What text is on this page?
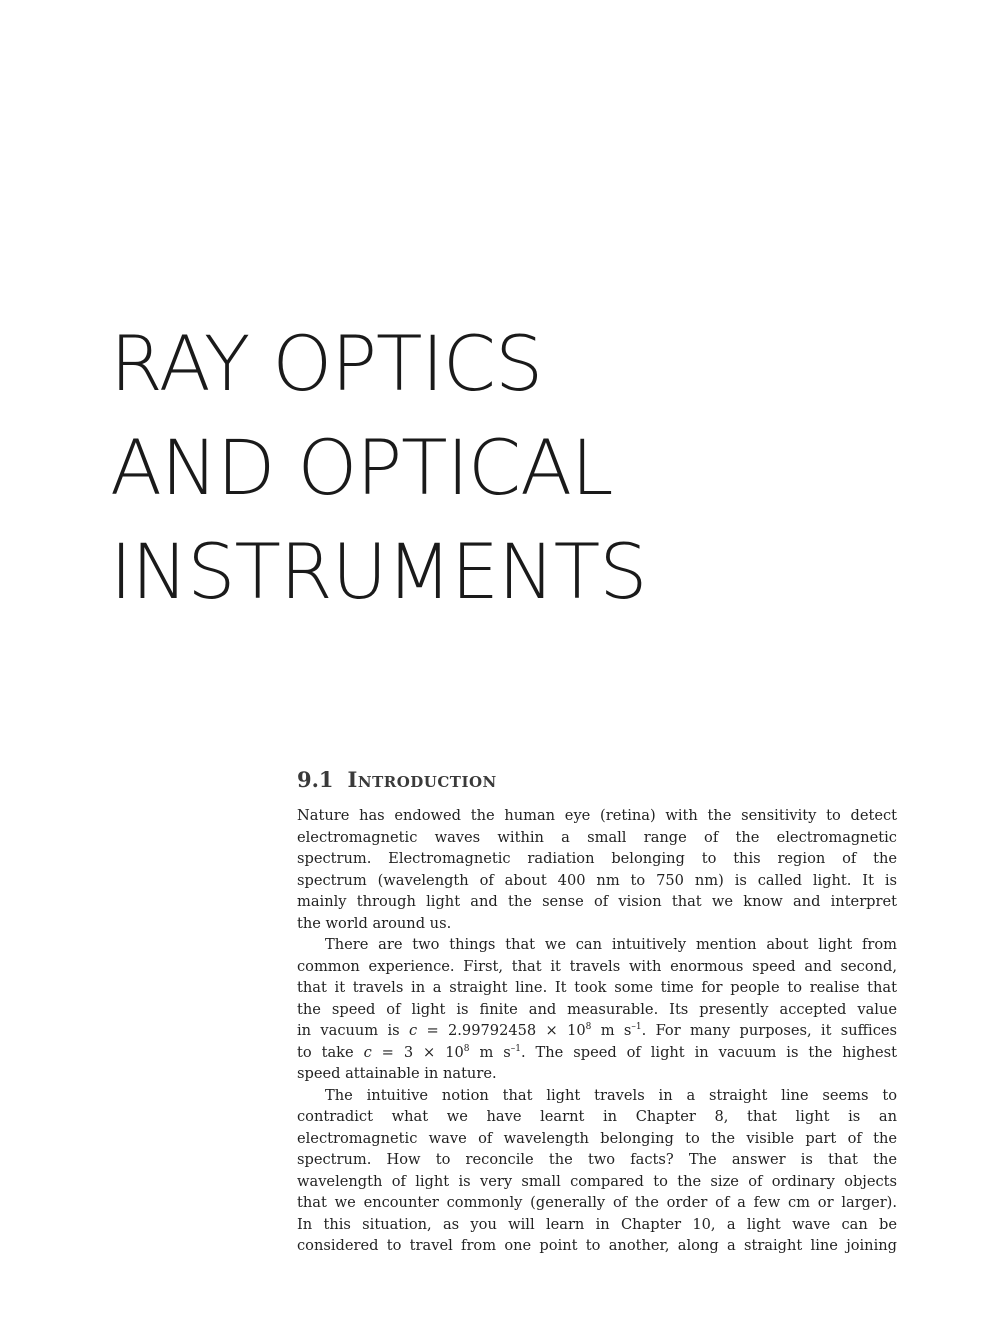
RAY OPTICS
AND OPTICAL
INSTRUMENTS
9.1 Introduction
Nature has endowed the human eye (retina) with the sensitivity to detect
electromagnetic waves within a small range of the electromagnetic
spectrum. Electromagnetic radiation belonging to this region of the
spectrum (wavelength of about 400 nm to 750 nm) is called light. It is
mainly through light and the sense of vision that we know and interpret
the world around us.
There are two things that we can intuitively mention about light from
common experience. First, that it travels with enormous speed and second,
that it travels in a straight line. It took some time for people to realise that
the speed of light is finite and measurable. Its presently accepted value
in vacuum is $c = 2.99792458 \times 10^8$ m $s^{-1}$. For many purposes, it suffices
to take $c = 3 \times 10^8$ m $s^{-1}$. The speed of light in vacuum is the highest
speed attainable in nature.
The intuitive notion that light travels in a straight line seems to
contradict what we have learnt in Chapter 8, that light is an
electromagnetic wave of wavelength belonging to the visible part of the
spectrum. How to reconcile the two facts? The answer is that the
wavelength of light is very small compared to the size of ordinary objects
that we encounter commonly (generally of the order of a few cm or larger).
In this situation, as you will learn in Chapter 10, a light wave can be
considered to travel from one point to another, along a straight line joining
